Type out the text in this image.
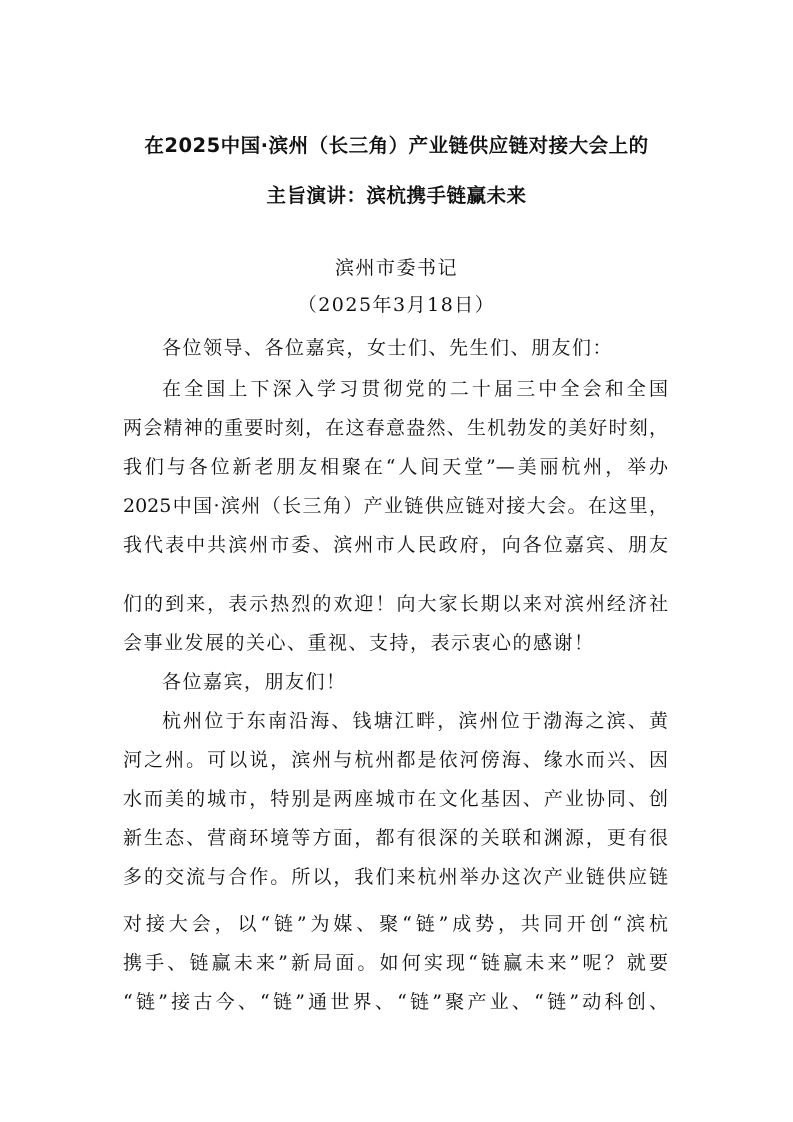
在2025中国·滨州（长三角）产业链供应链对接大会上的
主旨演讲：滨杭携手链赢未来
滨州市委书记
（2025年3月18日）
各位领导、各位嘉宾，女士们、先生们、朋友们：
在全国上下深入学习贯彻党的二十届三中全会和全国
两会精神的重要时刻，在这春意盎然、生机勃发的美好时刻，
我们与各位新老朋友相聚在“人间天堂”—美丽杭州，举办
2025中国·滨州（长三角）产业链供应链对接大会。在这里，
我代表中共滨州市委、滨州市人民政府，向各位嘉宾、朋友
们的到来，表示热烈的欢迎！向大家长期以来对滨州经济社
会事业发展的关心、重视、支持，表示衷心的感谢！
各位嘉宾，朋友们！
杭州位于东南沿海、钱塘江畔，滨州位于渤海之滨、黄
河之州。可以说，滨州与杭州都是依河傍海、缘水而兴、因
水而美的城市，特别是两座城市在文化基因、产业协同、创
新生态、营商环境等方面，都有很深的关联和渊源，更有很
多的交流与合作。所以，我们来杭州举办这次产业链供应链
对接大会，以“链”为媒、聚“链”成势，共同开创“滨杭
携手、链赢未来”新局面。如何实现“链赢未来”呢？就要
“链”接古今、“链”通世界、“链”聚产业、“链”动科创、
